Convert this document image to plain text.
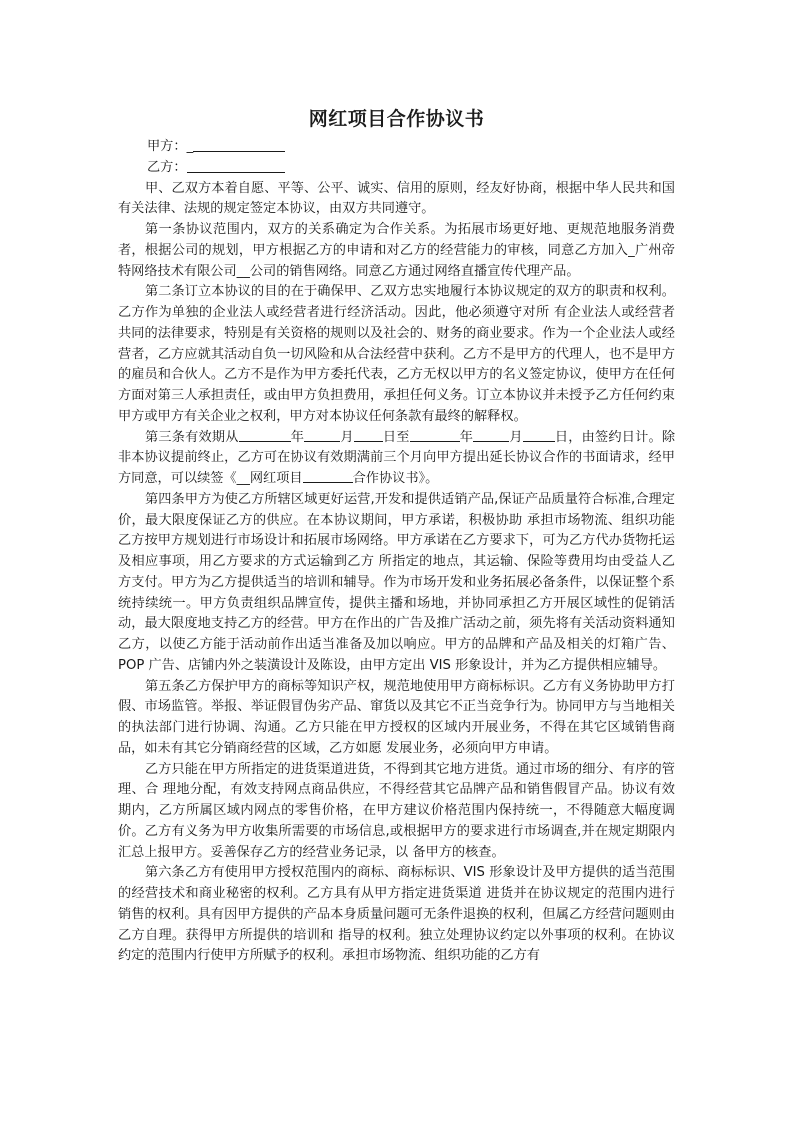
网红项目合作协议书
甲方：_
乙方：

甲、乙双方本着自愿、平等、公平、诚实、信用的原则，经友好协商，根据中华人民共和国有关法律、法规的规定签定本协议，由双方共同遵守。

第一条协议范围内，双方的关系确定为合作关系。为拓展市场更好地、更规范地服务消费者，根据公司的规划，甲方根据乙方的申请和对乙方的经营能力的审核，同意乙方加入_广州帝特网络技术有限公司__公司的销售网络。同意乙方通过网络直播宣传代理产品。

第二条订立本协议的目的在于确保甲、乙双方忠实地履行本协议规定的双方的职责和权利。乙方作为单独的企业法人或经营者进行经济活动。因此，他必须遵守对所 有企业法人或经营者共同的法律要求，特别是有关资格的规则以及社会的、财务的商业要求。作为一个企业法人或经营者，乙方应就其活动自负一切风险和从合法经营中获利。乙方不是甲方的代理人，也不是甲方的雇员和合伙人。乙方不是作为甲方委托代表，乙方无权以甲方的名义签定协议，使甲方在任何方面对第三人承担责任，或由甲方负担费用，承担任何义务。订立本协议并未授予乙方任何约束甲方或甲方有关企业之权利，甲方对本协议任何条款有最终的解释权。

第三条有效期从	年	月 日至	年	月 日，由签约日计。除非本协议提前终止，乙方可在协议有效期满前三个月向甲方提出延长协议合作的书面请求，经甲方同意，可以续签《__网红项目	合作协议书》。

第四条甲方为使乙方所辖区域更好运营,开发和提供适销产品,保证产品质量符合标准,合理定价，最大限度保证乙方的供应。在本协议期间，甲方承诺，积极协助 承担市场物流、组织功能乙方按甲方规划进行市场设计和拓展市场网络。甲方承诺在乙方要求下，可为乙方代办货物托运及相应事项，用乙方要求的方式运输到乙方 所指定的地点，其运输、保险等费用均由受益人乙方支付。甲方为乙方提供适当的培训和辅导。作为市场开发和业务拓展必备条件，以保证整个系统持续统一。甲方负责组织品牌宣传，提供主播和场地，并协同承担乙方开展区域性的促销活动，最大限度地支持乙方的经营。甲方在作出的广告及推广活动之前，须先将有关活动资料通知乙方，以使乙方能于活动前作出适当准备及加以响应。甲方的品牌和产品及相关的灯箱广告、POP 广告、店铺内外之装潢设计及陈设，由甲方定出 VIS 形象设计，并为乙方提供相应辅导。

第五条乙方保护甲方的商标等知识产权，规范地使用甲方商标标识。乙方有义务协助甲方打假、市场监管。举报、举证假冒伪劣产品、窜货以及其它不正当竞争行为。协同甲方与当地相关的执法部门进行协调、沟通。乙方只能在甲方授权的区域内开展业务，不得在其它区域销售商品，如未有其它分销商经营的区域，乙方如愿 发展业务，必须向甲方申请。

乙方只能在甲方所指定的进货渠道进货，不得到其它地方进货。通过市场的细分、有序的管理、合 理地分配，有效支持网点商品供应，不得经营其它品牌产品和销售假冒产品。协议有效期内，乙方所属区域内网点的零售价格，在甲方建议价格范围内保持统一，不得随意大幅度调价。乙方有义务为甲方收集所需要的市场信息,或根据甲方的要求进行市场调查,并在规定期限内汇总上报甲方。妥善保存乙方的经营业务记录，以 备甲方的核查。

第六条乙方有使用甲方授权范围内的商标、商标标识、VIS 形象设计及甲方提供的适当范围的经营技术和商业秘密的权利。乙方具有从甲方指定进货渠道 进货并在协议规定的范围内进行销售的权利。具有因甲方提供的产品本身质量问题可无条件退换的权利，但属乙方经营问题则由乙方自理。获得甲方所提供的培训和 指导的权利。独立处理协议约定以外事项的权利。在协议约定的范围内行使甲方所赋予的权利。承担市场物流、组织功能的乙方有
